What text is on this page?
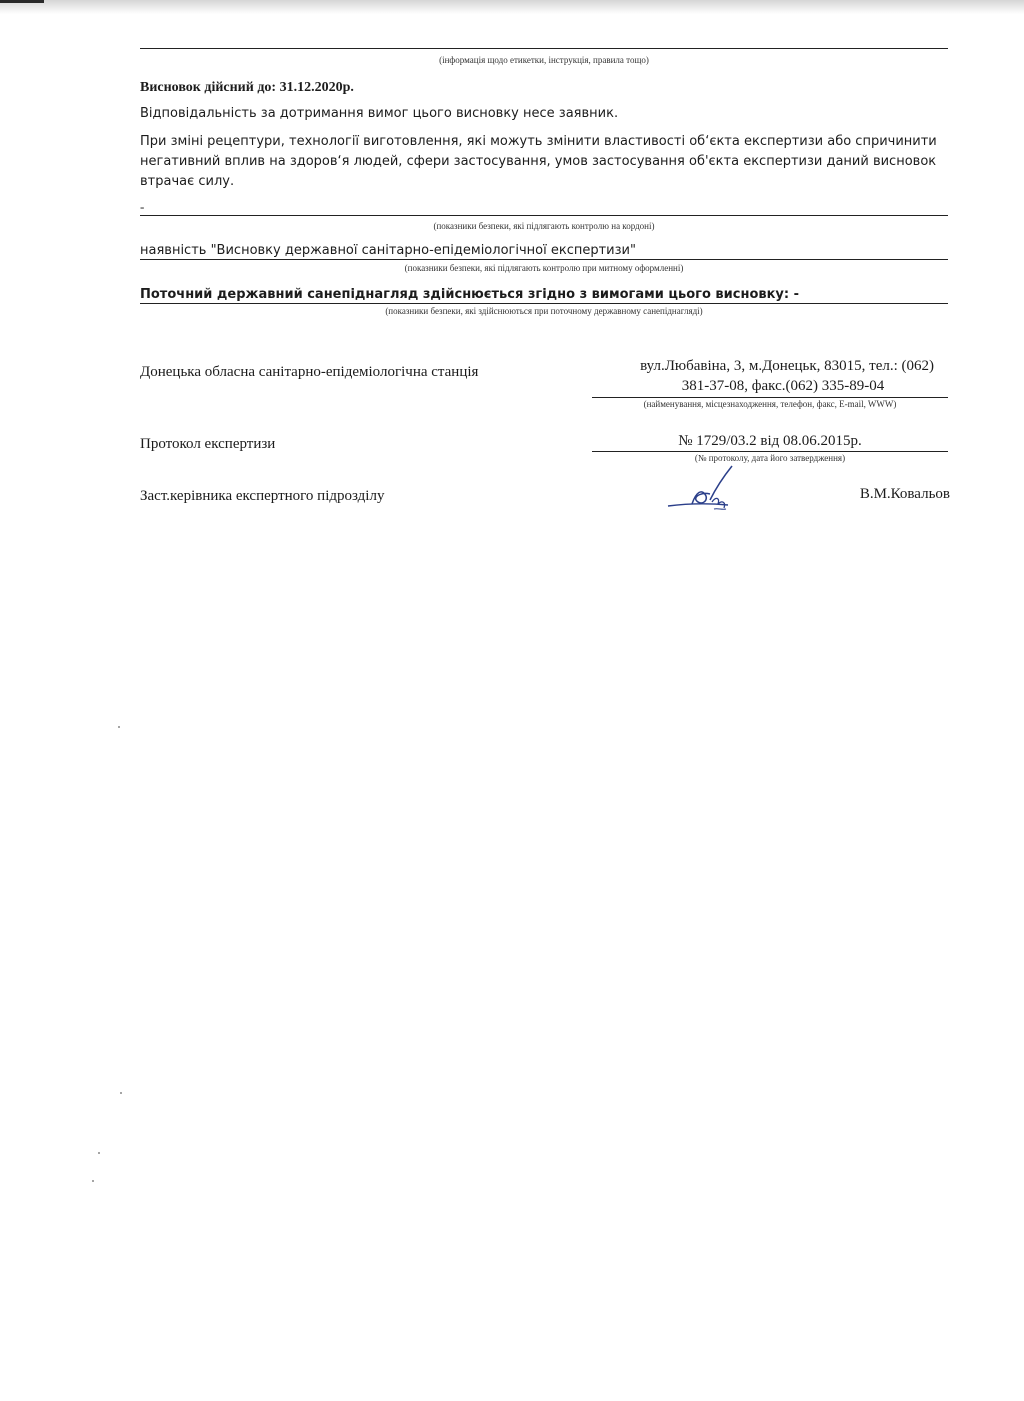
(інформація щодо етикетки, інструкція, правила тощо)
Висновок дійсний до: 31.12.2020р.
Відповідальність за дотримання вимог цього висновку несе заявник.
При зміні рецептури, технології виготовлення, які можуть змінити властивості об‘єкта експертизи або спричинити негативний вплив на здоров‘я людей, сфери застосування, умов застосування об'єкта експертизи даний висновок втрачає силу.
-
(показники безпеки, які підлягають контролю на кордоні)
наявність "Висновку державної санітарно-епідеміологічної експертизи"
(показники безпеки, які підлягають контролю при митному оформленні)
Поточний державний санепіднагляд здійснюється згідно з вимогами цього висновку: -
(показники безпеки, які здійснюються при поточному державному санепіднагляді)
Донецька обласна санітарно-епідеміологічна станція	вул.Любавіна, 3, м.Донецьк, 83015, тел.: (062)
381-37-08, факс.(062) 335-89-04
(найменування, місцезнаходження, телефон, факс, E-mail, WWW)
Протокол експертизи	№ 1729/03.2 від 08.06.2015р.
(№ протоколу, дата його затвердження)
Заст.керівника експертного підрозділу	В.М.Ковальов
